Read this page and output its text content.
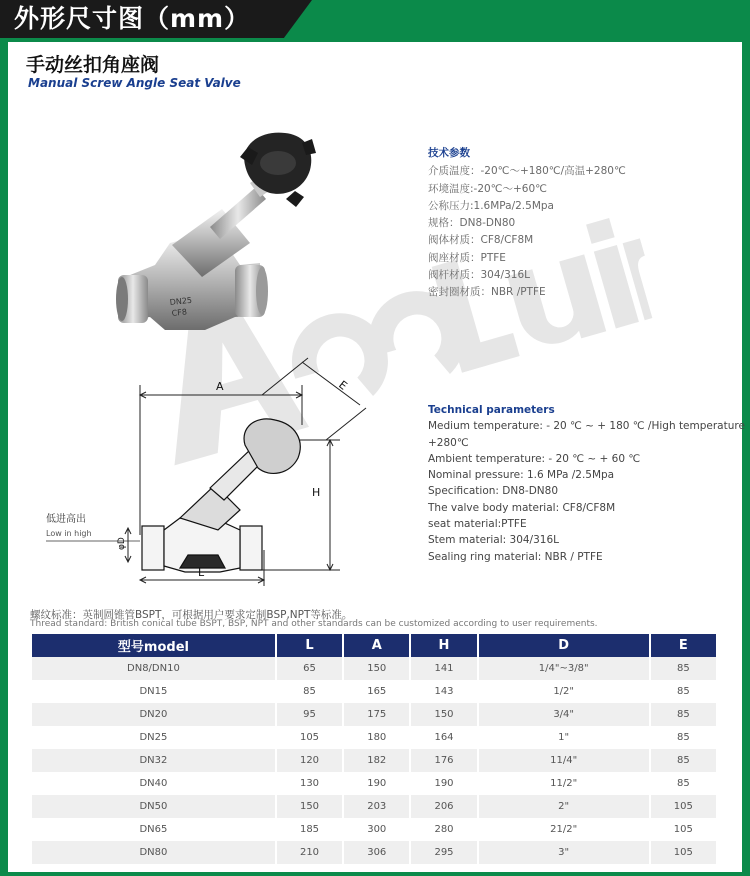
外形尺寸图（mm）
手动丝扣角座阀
Manual Screw Angle Seat Valve
DN25
CF8
技术参数
介质温度：-20℃～+180℃/高温+280℃
环境温度:-20℃～+60℃
公称压力:1.6MPa/2.5Mpa
规格：DN8-DN80
阀体材质：CF8/CF8M
阀座材质：PTFE
阀杆材质：304/316L
密封圈材质：NBR /PTFE
Technical parameters
Medium temperature: - 20 ℃ ~ + 180 ℃ /High temperature +280℃
Ambient temperature: - 20 ℃ ~ + 60 ℃
Nominal pressure: 1.6 MPa /2.5Mpa
Specification: DN8-DN80
The valve body material: CF8/CF8M
seat material:PTFE
Stem material: 304/316L
Sealing ring material: NBR / PTFE
A	E
H
L
φD
低进高出
Low in high
螺纹标准：英制圆锥管BSPT，可根据用户要求定制BSP,NPT等标准。
Thread standard: British conical tube BSPT, BSP, NPT and other standards can be customized according to user requirements.
型号model	L	A	H	D	E
DN8/DN10	65	150	141	1/4"~3/8"	85
DN15	85	165	143	1/2"	85
DN20	95	175	150	3/4"	85
DN25	105	180	164	1"	85
DN32	120	182	176	11/4"	85
DN40	130	190	190	11/2"	85
DN50	150	203	206	2"	105
DN65	185	300	280	21/2"	105
DN80	210	306	295	3"	105
